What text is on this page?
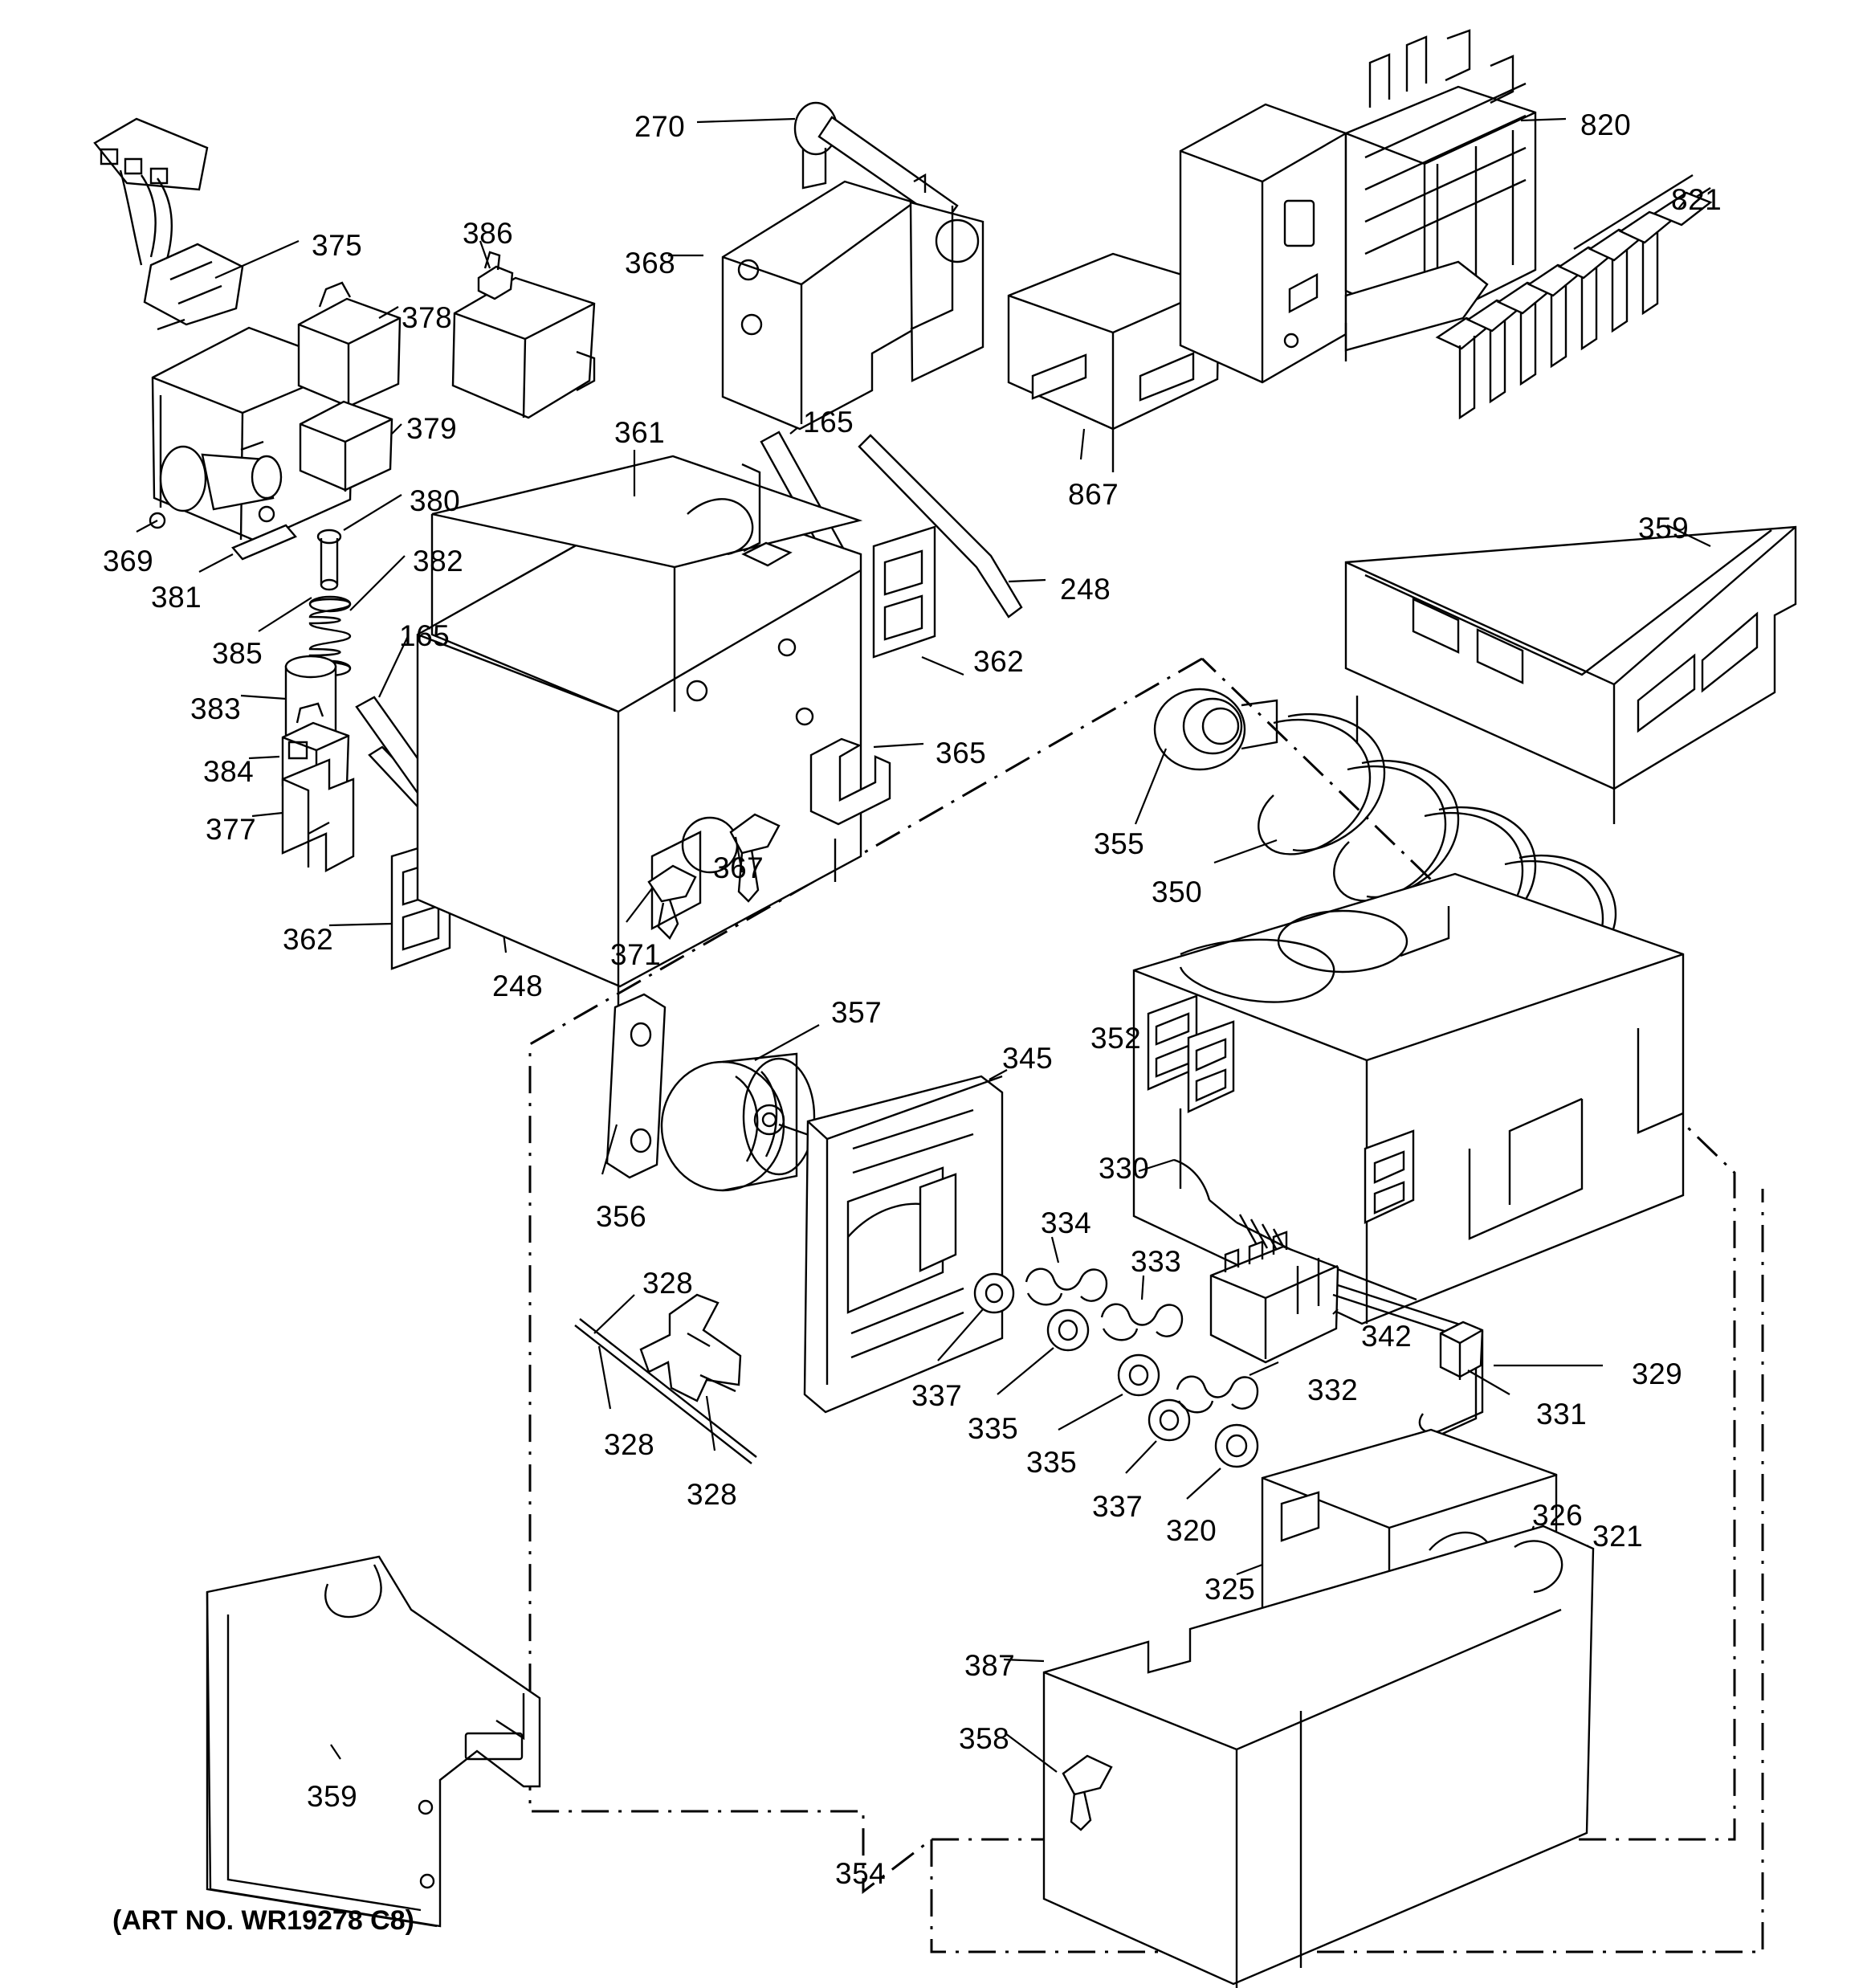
375	386
270
368
820
821
378
379
369
381
380
382
385
383
384
377
165
361
248
362
165
362
248
371
367
365
867
359
355
350
352
357
356
345
330
334
333
342
329
331
332
337
335
335
337
320
325
326
321
328
328
328
387
358
354
359
(ART NO. WR19278 C8)
